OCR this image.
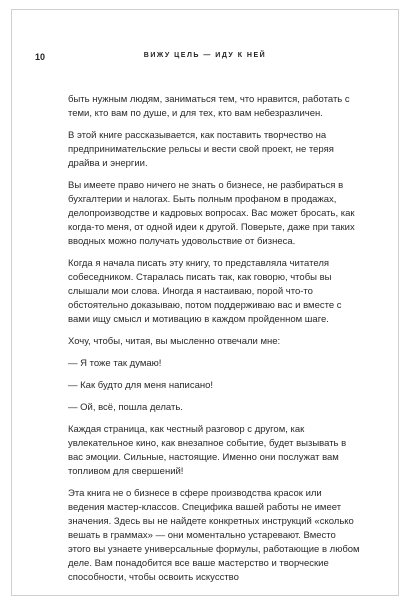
10	ВИЖУ ЦЕЛЬ — ИДУ К НЕЙ

быть нужным людям, заниматься тем, что нравится, работать с теми, кто вам по душе, и для тех, кто вам небезразличен.

В этой книге рассказывается, как поставить творчество на предпринимательские рельсы и вести свой проект, не теряя драйва и энергии.

Вы имеете право ничего не знать о бизнесе, не разбираться в бухгалтерии и налогах. Быть полным профаном в продажах, делопроизводстве и кадровых вопросах. Вас может бросать, как когда-то меня, от одной идеи к другой. Поверьте, даже при таких вводных можно получать удовольствие от бизнеса.

Когда я начала писать эту книгу, то представляла читателя собеседником. Старалась писать так, как говорю, чтобы вы слышали мои слова. Иногда я настаиваю, порой что-то обстоятельно доказываю, потом поддерживаю вас и вместе с вами ищу смысл и мотивацию в каждом пройденном шаге.

Хочу, чтобы, читая, вы мысленно отвечали мне:

— Я тоже так думаю!

— Как будто для меня написано!

— Ой, всё, пошла делать.

Каждая страница, как честный разговор с другом, как увлекательное кино, как внезапное событие, будет вызывать в вас эмоции. Сильные, настоящие. Именно они послужат вам топливом для свершений!

Эта книга не о бизнесе в сфере производства красок или ведения мастер-классов. Специфика вашей работы не имеет значения. Здесь вы не найдете конкретных инструкций «сколько вешать в граммах» — они моментально устаревают. Вместо этого вы узнаете универсальные формулы, работающие в любом деле. Вам понадобится все ваше мастерство и творческие способности, чтобы освоить искусство
